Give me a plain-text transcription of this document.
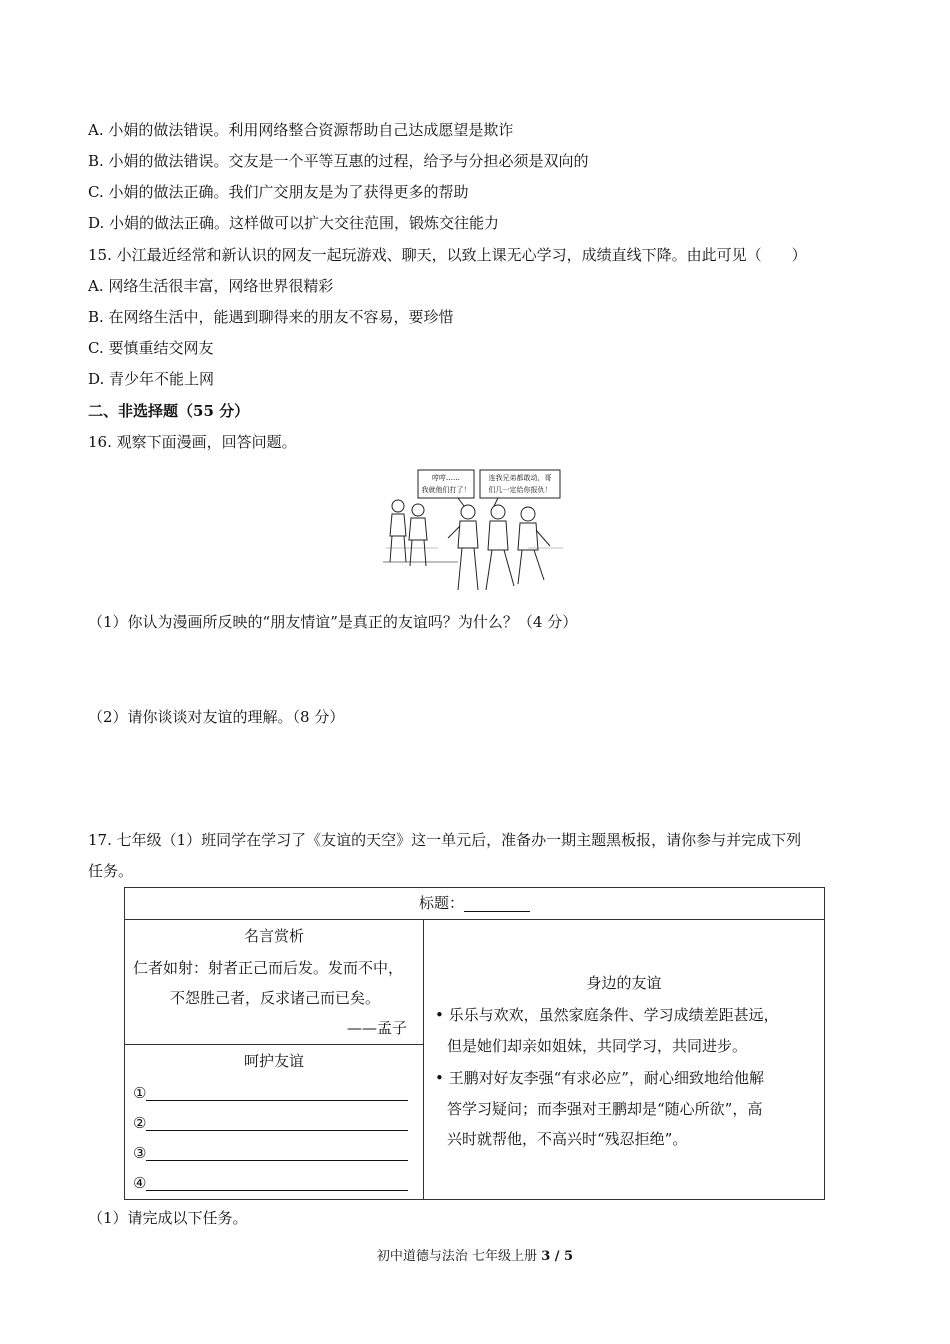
A. 小娟的做法错误。利用网络整合资源帮助自己达成愿望是欺诈
B. 小娟的做法错误。交友是一个平等互惠的过程，给予与分担必须是双向的
C. 小娟的做法正确。我们广交朋友是为了获得更多的帮助
D. 小娟的做法正确。这样做可以扩大交往范围，锻炼交往能力
15. 小江最近经常和新认识的网友一起玩游戏、聊天，以致上课无心学习，成绩直线下降。由此可见（　　）
A. 网络生活很丰富，网络世界很精彩
B. 在网络生活中，能遇到聊得来的朋友不容易，要珍惜
C. 要慎重结交网友
D. 青少年不能上网
二、非选择题（55 分）
16. 观察下面漫画，回答问题。
哼哼……
我就他们打了！
连我兄弟都敢动，哥
们几一定给你报仇！
（1）你认为漫画所反映的“朋友情谊”是真正的友谊吗？为什么？（4 分）
（2）请你谈谈对友谊的理解。（8 分）
17. 七年级（1）班同学在学习了《友谊的天空》这一单元后，准备办一期主题黑板报，请你参与并完成下列
任务。
标题：
名言赏析
仁者如射：射者正己而后发。发而不中，
不怨胜己者，反求诸己而已矣。
——孟子
呵护友谊
①
②
③
④
身边的友谊
• 乐乐与欢欢，虽然家庭条件、学习成绩差距甚远，
但是她们却亲如姐妹，共同学习，共同进步。
• 王鹏对好友李强“有求必应”，耐心细致地给他解
答学习疑问；而李强对王鹏却是“随心所欲”，高
兴时就帮他，不高兴时“残忍拒绝”。
（1）请完成以下任务。
初中道德与法治 七年级上册 3 / 5
